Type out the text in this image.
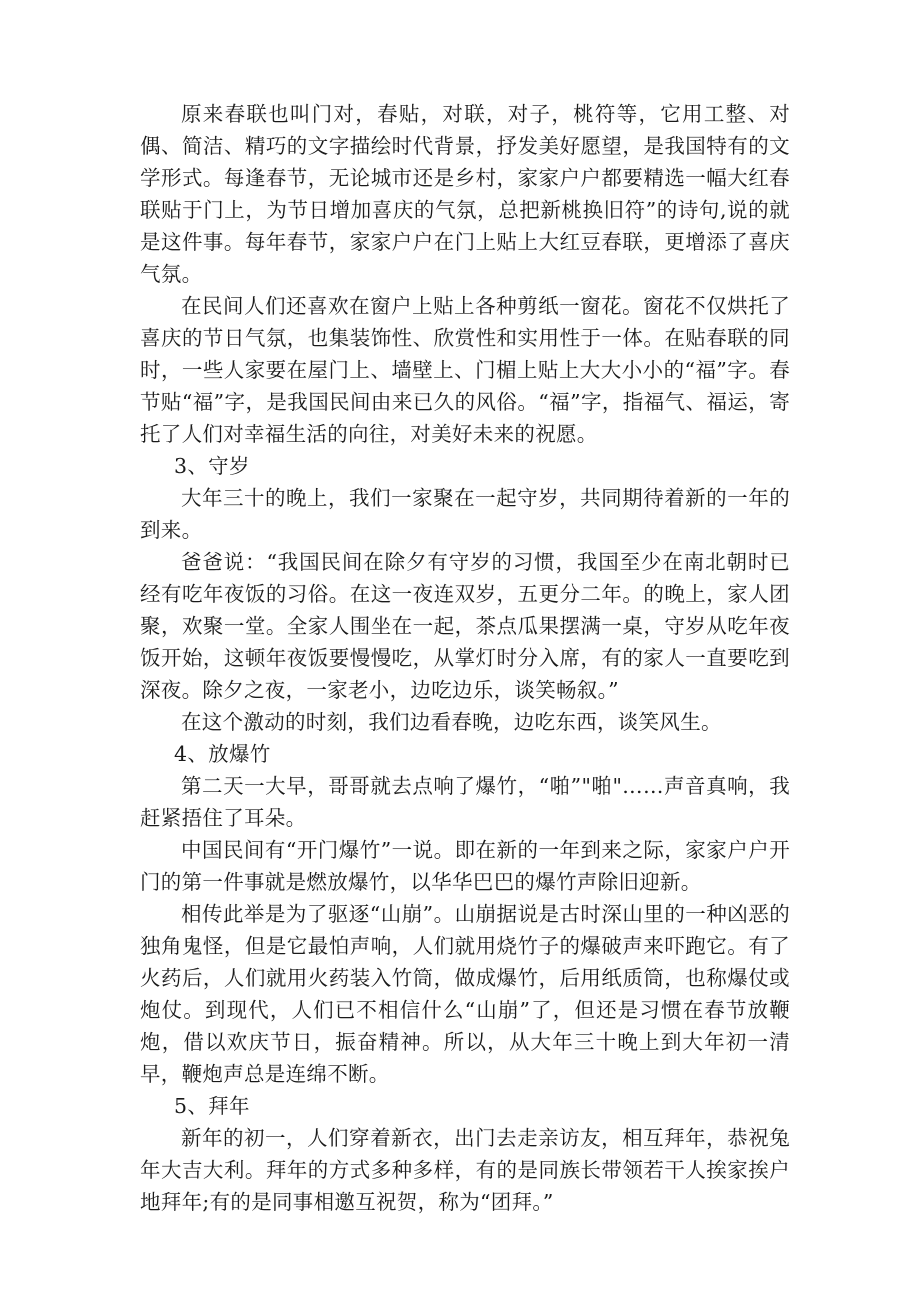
原来春联也叫门对，春贴，对联，对子，桃符等，它用工整、对偶、简洁、精巧的文字描绘时代背景，抒发美好愿望，是我国特有的文学形式。每逢春节，无论城市还是乡村，家家户户都要精选一幅大红春联贴于门上，为节日增加喜庆的气氛，总把新桃换旧符”的诗句,说的就是这件事。每年春节，家家户户在门上贴上大红豆春联，更增添了喜庆气氛。

在民间人们还喜欢在窗户上贴上各种剪纸一窗花。窗花不仅烘托了喜庆的节日气氛，也集装饰性、欣赏性和实用性于一体。在贴春联的同时，一些人家要在屋门上、墙壁上、门楣上贴上大大小小的“福”字。春节贴“福”字，是我国民间由来已久的风俗。“福”字，指福气、福运，寄托了人们对幸福生活的向往，对美好未来的祝愿。

3、守岁

大年三十的晚上，我们一家聚在一起守岁，共同期待着新的一年的到来。

爸爸说：“我国民间在除夕有守岁的习惯，我国至少在南北朝时已经有吃年夜饭的习俗。在这一夜连双岁，五更分二年。的晚上，家人团聚，欢聚一堂。全家人围坐在一起，茶点瓜果摆满一桌，守岁从吃年夜饭开始，这顿年夜饭要慢慢吃，从掌灯时分入席，有的家人一直要吃到深夜。除夕之夜，一家老小，边吃边乐，谈笑畅叙。”

在这个激动的时刻，我们边看春晚，边吃东西，谈笑风生。

4、放爆竹

第二天一大早，哥哥就去点响了爆竹，“啪”"啪"……声音真响，我赶紧捂住了耳朵。

中国民间有“开门爆竹”一说。即在新的一年到来之际，家家户户开门的第一件事就是燃放爆竹，以华华巴巴的爆竹声除旧迎新。

相传此举是为了驱逐“山崩”。山崩据说是古时深山里的一种凶恶的独角鬼怪，但是它最怕声响，人们就用烧竹子的爆破声来吓跑它。有了火药后，人们就用火药装入竹筒，做成爆竹，后用纸质筒，也称爆仗或炮仗。到现代，人们已不相信什么“山崩”了，但还是习惯在春节放鞭炮，借以欢庆节日，振奋精神。所以，从大年三十晚上到大年初一清早，鞭炮声总是连绵不断。

5、拜年

新年的初一，人们穿着新衣，出门去走亲访友，相互拜年，恭祝兔年大吉大利。拜年的方式多种多样，有的是同族长带领若干人挨家挨户地拜年;有的是同事相邀互祝贺，称为“团拜。”
